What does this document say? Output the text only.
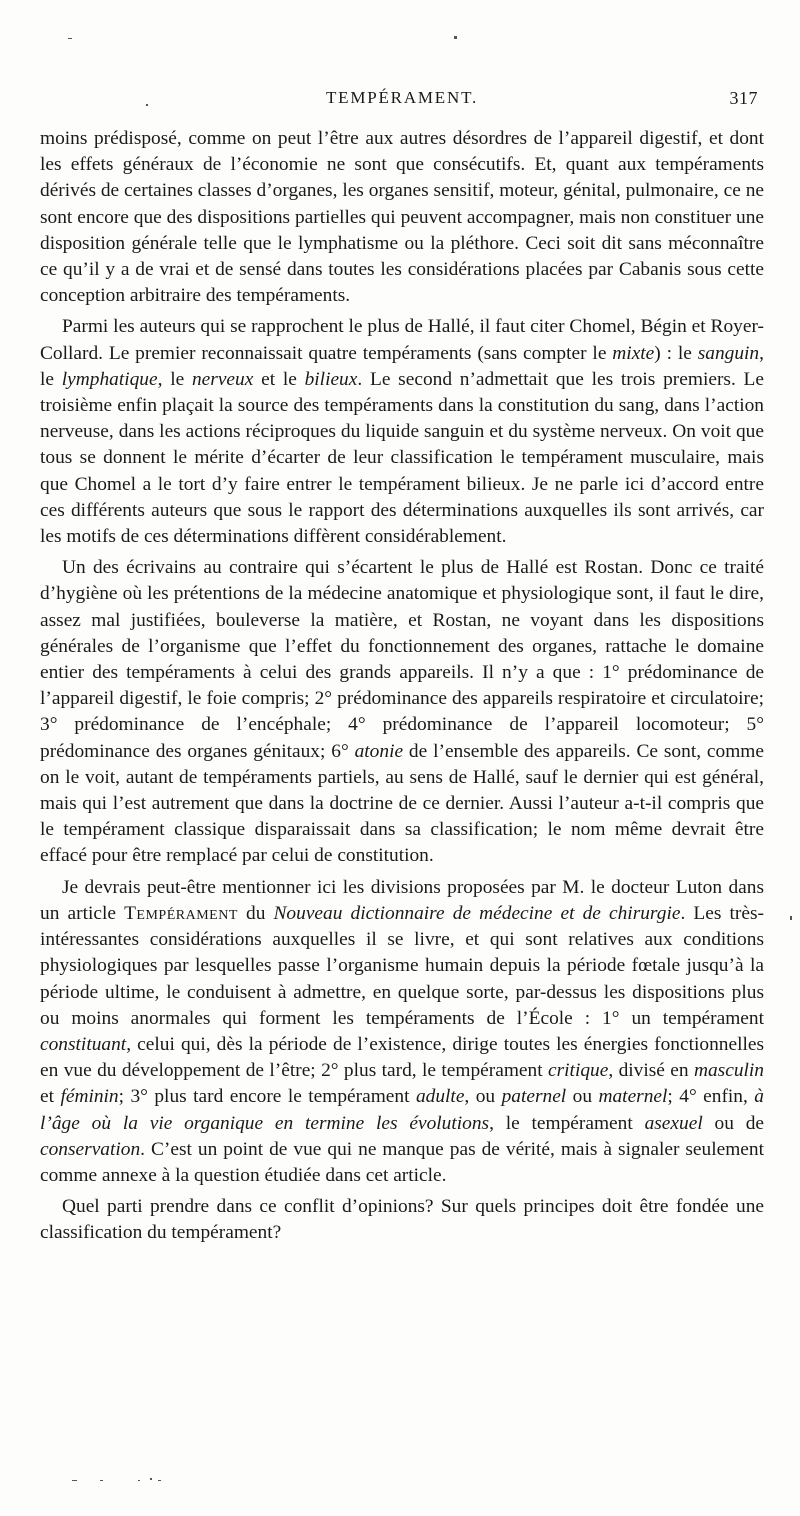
TEMPÉRAMENT.	317

moins prédisposé, comme on peut l’être aux autres désordres de l’appareil digestif, et dont les effets généraux de l’économie ne sont que consécutifs. Et, quant aux tempéraments dérivés de certaines classes d’organes, les organes sensitif, moteur, génital, pulmonaire, ce ne sont encore que des dispositions partielles qui peuvent accompagner, mais non constituer une disposition générale telle que le lymphatisme ou la pléthore. Ceci soit dit sans méconnaître ce qu’il y a de vrai et de sensé dans toutes les considérations placées par Cabanis sous cette conception arbitraire des tempéraments.

Parmi les auteurs qui se rapprochent le plus de Hallé, il faut citer Chomel, Bégin et Royer-Collard. Le premier reconnaissait quatre tempéraments (sans compter le mixte) : le sanguin, le lymphatique, le nerveux et le bilieux. Le second n’admettait que les trois premiers. Le troisième enfin plaçait la source des tempéraments dans la constitution du sang, dans l’action nerveuse, dans les actions réciproques du liquide sanguin et du système nerveux. On voit que tous se donnent le mérite d’écarter de leur classification le tempérament musculaire, mais que Chomel a le tort d’y faire entrer le tempérament bilieux. Je ne parle ici d’accord entre ces différents auteurs que sous le rapport des déterminations auxquelles ils sont arrivés, car les motifs de ces déterminations diffèrent considérablement.

Un des écrivains au contraire qui s’écartent le plus de Hallé est Rostan. Donc ce traité d’hygiène où les prétentions de la médecine anatomique et physiologique sont, il faut le dire, assez mal justifiées, bouleverse la matière, et Rostan, ne voyant dans les dispositions générales de l’organisme que l’effet du fonctionnement des organes, rattache le domaine entier des tempéraments à celui des grands appareils. Il n’y a que : 1° prédominance de l’appareil digestif, le foie compris; 2° prédominance des appareils respiratoire et circulatoire; 3° prédominance de l’encéphale; 4° prédominance de l’appareil locomoteur; 5° prédominance des organes génitaux; 6° atonie de l’ensemble des appareils. Ce sont, comme on le voit, autant de tempéraments partiels, au sens de Hallé, sauf le dernier qui est général, mais qui l’est autrement que dans la doctrine de ce dernier. Aussi l’auteur a-t-il compris que le tempérament classique disparaissait dans sa classification; le nom même devrait être effacé pour être remplacé par celui de constitution.

Je devrais peut-être mentionner ici les divisions proposées par M. le docteur Luton dans un article Tempérament du Nouveau dictionnaire de médecine et de chirurgie. Les très-intéressantes considérations auxquelles il se livre, et qui sont relatives aux conditions physiologiques par lesquelles passe l’organisme humain depuis la période fœtale jusqu’à la période ultime, le conduisent à admettre, en quelque sorte, par-dessus les dispositions plus ou moins anormales qui forment les tempéraments de l’École : 1° un tempérament constituant, celui qui, dès la période de l’existence, dirige toutes les énergies fonctionnelles en vue du développement de l’être; 2° plus tard, le tempérament critique, divisé en masculin et féminin; 3° plus tard encore le tempérament adulte, ou paternel ou maternel; 4° enfin, à l’âge où la vie organique en termine les évolutions, le tempérament asexuel ou de conservation. C’est un point de vue qui ne manque pas de vérité, mais à signaler seulement comme annexe à la question étudiée dans cet article.

Quel parti prendre dans ce conflit d’opinions? Sur quels principes doit être fondée une classification du tempérament?
